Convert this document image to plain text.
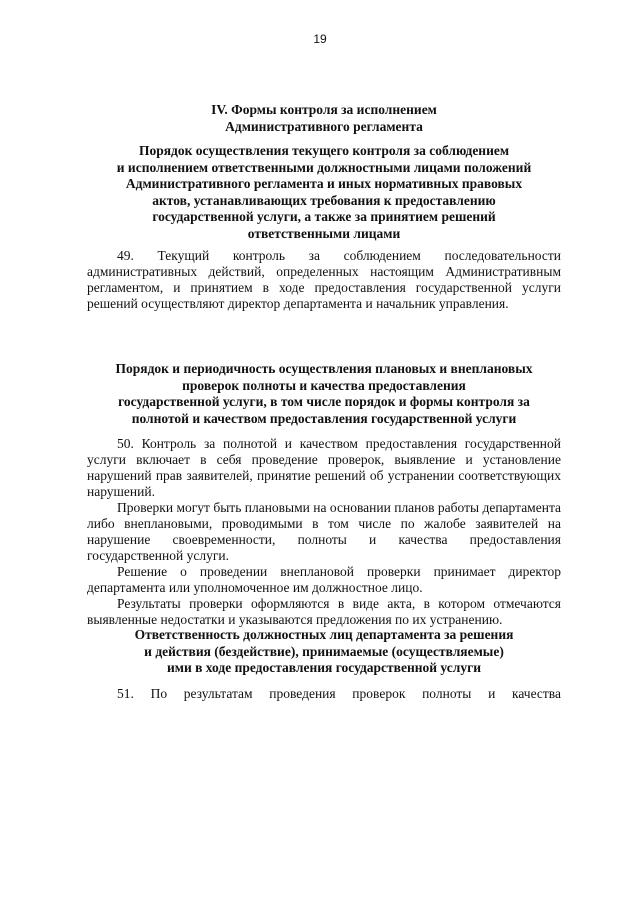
19
IV. Формы контроля за исполнением
Административного регламента
Порядок осуществления текущего контроля за соблюдением
и исполнением ответственными должностными лицами положений
Административного регламента и иных нормативных правовых
актов, устанавливающих требования к предоставлению
государственной услуги, а также за принятием решений
ответственными лицами
49. Текущий контроль за соблюдением последовательности
административных действий, определенных настоящим Административным
регламентом, и принятием в ходе предоставления государственной услуги
решений осуществляют директор департамента и начальник управления.
Порядок и периодичность осуществления плановых и внеплановых
проверок полноты и качества предоставления
государственной услуги, в том числе порядок и формы контроля за
полнотой и качеством предоставления государственной услуги
50. Контроль за полнотой и качеством предоставления государственной
услуги включает в себя проведение проверок, выявление и установление
нарушений прав заявителей, принятие решений об устранении соответствующих
нарушений.
Проверки могут быть плановыми на основании планов работы департамента
либо внеплановыми, проводимыми в том числе по жалобе заявителей на
нарушение своевременности, полноты и качества предоставления
государственной услуги.
Решение о проведении внеплановой проверки принимает директор
департамента или уполномоченное им должностное лицо.
Результаты проверки оформляются в виде акта, в котором отмечаются
выявленные недостатки и указываются предложения по их устранению.
Ответственность должностных лиц департамента за решения
и действия (бездействие), принимаемые (осуществляемые)
ими в ходе предоставления государственной услуги
51. По результатам проведения проверок полноты и качества
